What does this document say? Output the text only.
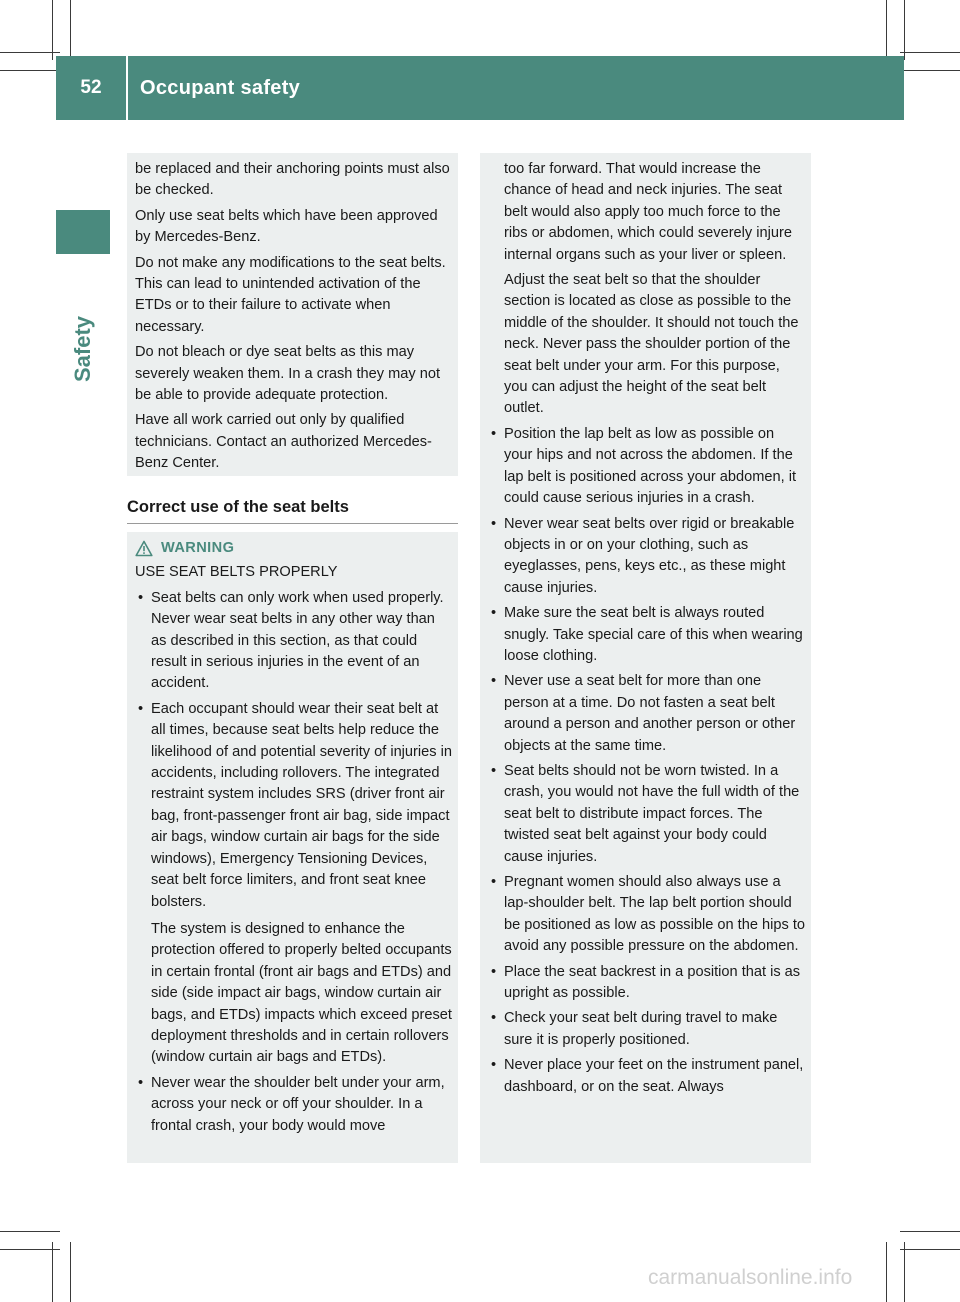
52	Occupant safety
Safety

be replaced and their anchoring points must also be checked.

Only use seat belts which have been approved by Mercedes-Benz.

Do not make any modifications to the seat belts. This can lead to unintended activation of the ETDs or to their failure to activate when necessary.

Do not bleach or dye seat belts as this may severely weaken them. In a crash they may not be able to provide adequate protection.

Have all work carried out only by qualified technicians. Contact an authorized Mercedes-Benz Center.

Correct use of the seat belts
WARNING

USE SEAT BELTS PROPERLY

• Seat belts can only work when used properly. Never wear seat belts in any other way than as described in this section, as that could result in serious injuries in the event of an accident.
• Each occupant should wear their seat belt at all times, because seat belts help reduce the likelihood of and potential severity of injuries in accidents, including rollovers. The integrated restraint system includes SRS (driver front air bag, front-passenger front air bag, side impact air bags, window curtain air bags for the side windows), Emergency Tensioning Devices, seat belt force limiters, and front seat knee bolsters.
The system is designed to enhance the protection offered to properly belted occupants in certain frontal (front air bags and ETDs) and side (side impact air bags, window curtain air bags, and ETDs) impacts which exceed preset deployment thresholds and in certain rollovers (window curtain air bags and ETDs).
• Never wear the shoulder belt under your arm, across your neck or off your shoulder. In a frontal crash, your body would move

too far forward. That would increase the chance of head and neck injuries. The seat belt would also apply too much force to the ribs or abdomen, which could severely injure internal organs such as your liver or spleen.

Adjust the seat belt so that the shoulder section is located as close as possible to the middle of the shoulder. It should not touch the neck. Never pass the shoulder portion of the seat belt under your arm. For this purpose, you can adjust the height of the seat belt outlet.

• Position the lap belt as low as possible on your hips and not across the abdomen. If the lap belt is positioned across your abdomen, it could cause serious injuries in a crash.
• Never wear seat belts over rigid or breakable objects in or on your clothing, such as eyeglasses, pens, keys etc., as these might cause injuries.
• Make sure the seat belt is always routed snugly. Take special care of this when wearing loose clothing.
• Never use a seat belt for more than one person at a time. Do not fasten a seat belt around a person and another person or other objects at the same time.
• Seat belts should not be worn twisted. In a crash, you would not have the full width of the seat belt to distribute impact forces. The twisted seat belt against your body could cause injuries.
• Pregnant women should also always use a lap-shoulder belt. The lap belt portion should be positioned as low as possible on the hips to avoid any possible pressure on the abdomen.
• Place the seat backrest in a position that is as upright as possible.
• Check your seat belt during travel to make sure it is properly positioned.
• Never place your feet on the instrument panel, dashboard, or on the seat. Always
carmanualsonline.info
